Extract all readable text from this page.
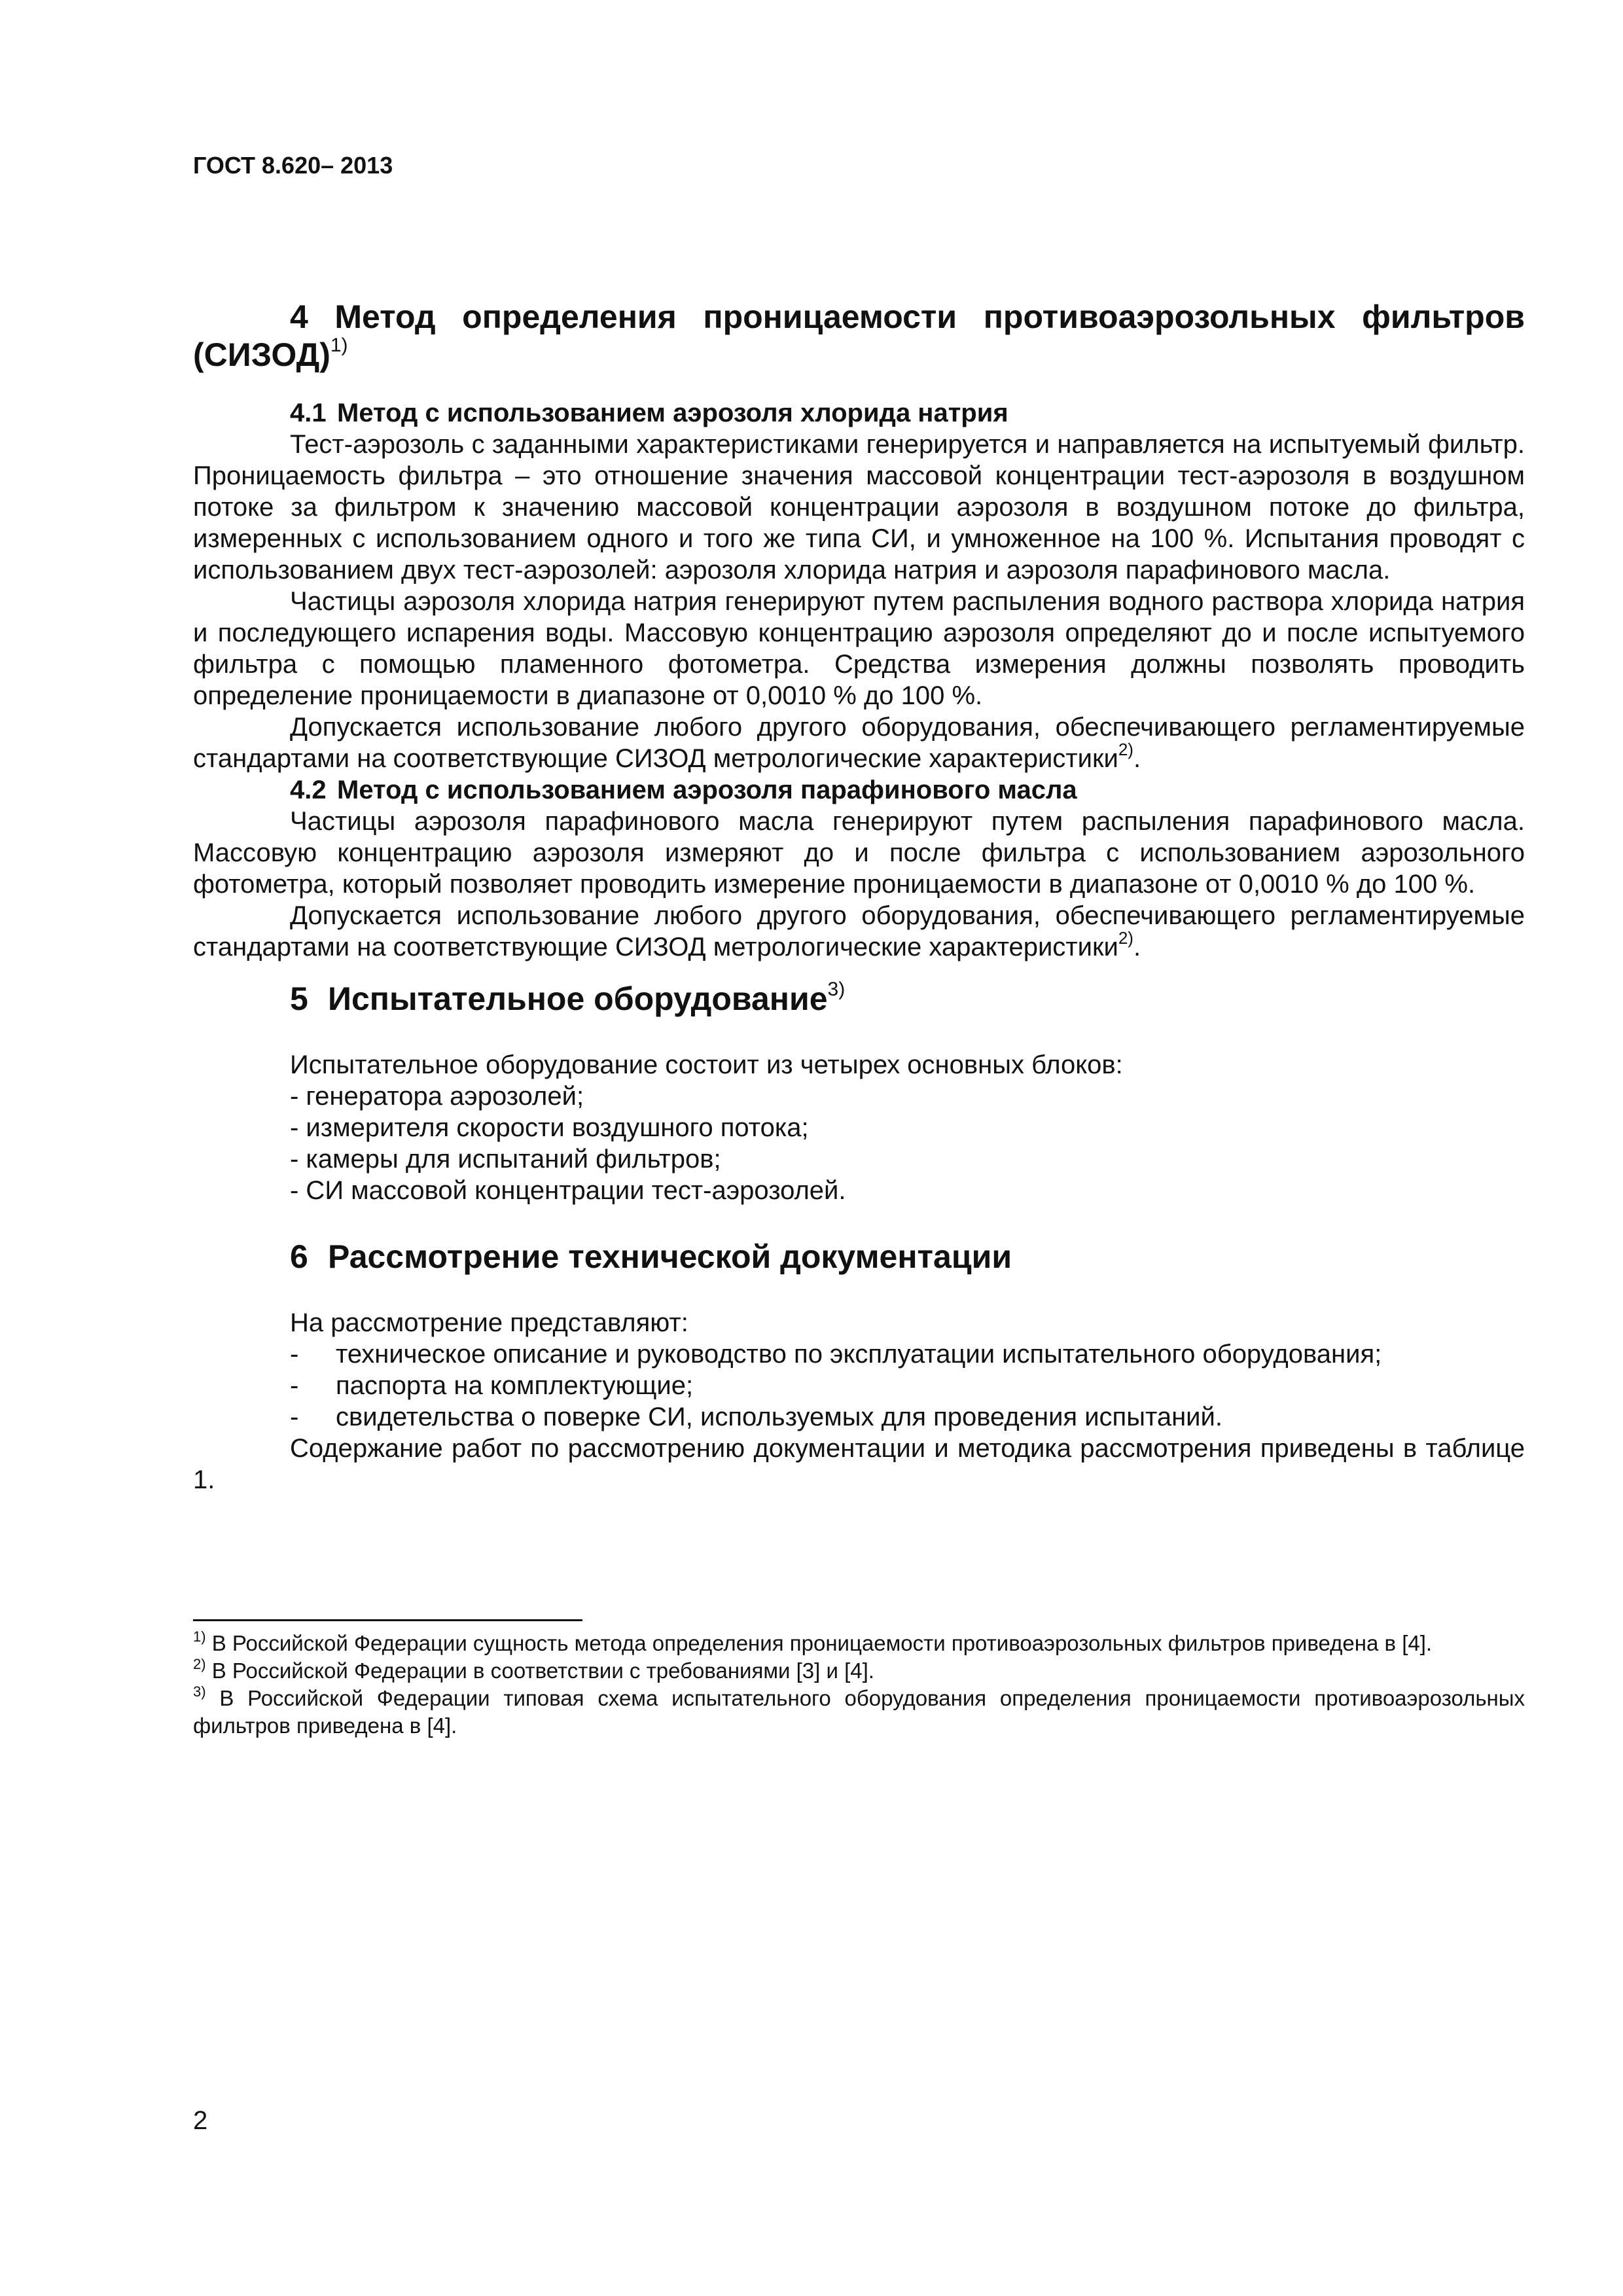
ГОСТ 8.620– 2013

4 Метод определения проницаемости противоаэрозольных фильтров (СИЗОД)$^{1)}$

4.1 Метод с использованием аэрозоля хлорида натрия

Тест-аэрозоль с заданными характеристиками генерируется и направляется на испытуемый фильтр. Проницаемость фильтра – это отношение значения массовой концентрации тест-аэрозоля в воздушном потоке за фильтром к значению массовой концентрации аэрозоля в воздушном потоке до фильтра, измеренных с использованием одного и того же типа СИ, и умноженное на 100 %. Испытания проводят с использованием двух тест-аэрозолей: аэрозоля хлорида натрия и аэрозоля парафинового масла.

Частицы аэрозоля хлорида натрия генерируют путем распыления водного раствора хлорида натрия и последующего испарения воды. Массовую концентрацию аэрозоля определяют до и после испытуемого фильтра с помощью пламенного фотометра. Средства измерения должны позволять проводить определение проницаемости в диапазоне от 0,0010 % до 100 %.

Допускается использование любого другого оборудования, обеспечивающего регламентируемые стандартами на соответствующие СИЗОД метрологические характеристики$^{2)}$.

4.2 Метод с использованием аэрозоля парафинового масла

Частицы аэрозоля парафинового масла генерируют путем распыления парафинового масла. Массовую концентрацию аэрозоля измеряют до и после фильтра с использованием аэрозольного фотометра, который позволяет проводить измерение проницаемости в диапазоне от 0,0010 % до 100 %.

Допускается использование любого другого оборудования, обеспечивающего регламентируемые стандартами на соответствующие СИЗОД метрологические характеристики$^{2)}$.

5 Испытательное оборудование$^{3)}$

Испытательное оборудование состоит из четырех основных блоков:

- генератора аэрозолей;
- измерителя скорости воздушного потока;
- камеры для испытаний фильтров;
- СИ массовой концентрации тест-аэрозолей.

6 Рассмотрение технической документации

На рассмотрение представляют:

-	техническое описание и руководство по эксплуатации испытательного оборудования;
-	паспорта на комплектующие;
-	свидетельства о поверке СИ, используемых для проведения испытаний.

Содержание работ по рассмотрению документации и методика рассмотрения приведены в таблице 1.

$^{1)}$ В Российской Федерации сущность метода определения проницаемости противоаэрозольных фильтров приведена в [4].

$^{2)}$ В Российской Федерации в соответствии с требованиями [3] и [4].

$^{3)}$ В Российской Федерации типовая схема испытательного оборудования определения проницаемости противоаэрозольных фильтров приведена в [4].

2
